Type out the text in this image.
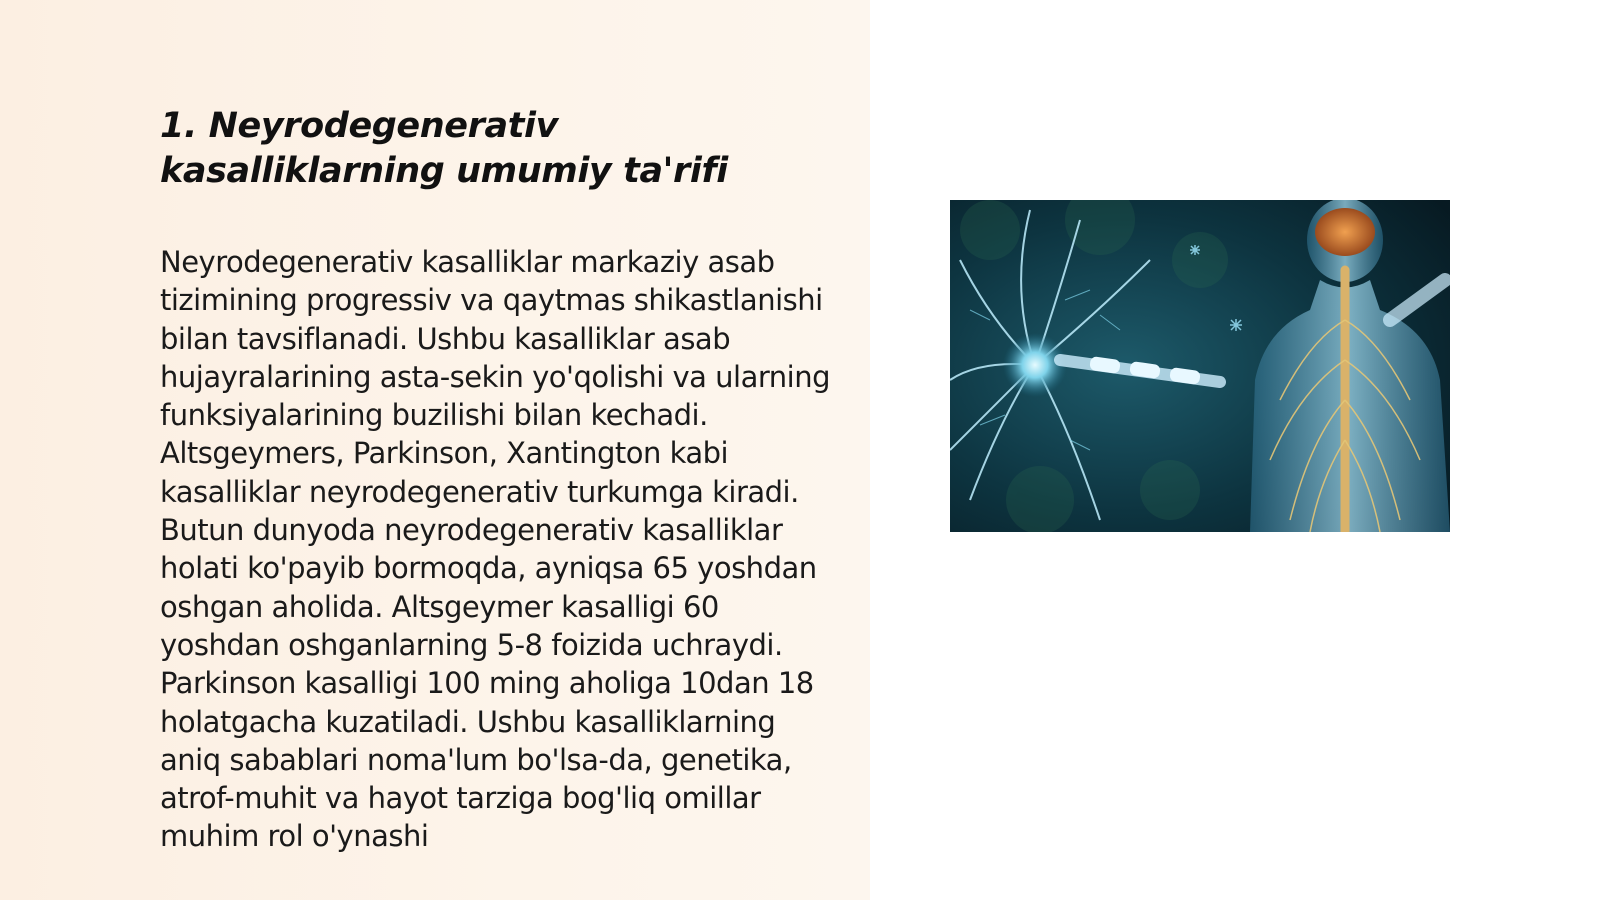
1. Neyrodegenerativ kasalliklarning umumiy ta'rifi

Neyrodegenerativ kasalliklar markaziy asab tizimining progressiv va qaytmas shikastlanishi bilan tavsiflanadi. Ushbu kasalliklar asab hujayralarining asta-sekin yo'qolishi va ularning funksiyalarining buzilishi bilan kechadi. Altsgeymers, Parkinson, Xantington kabi kasalliklar neyrodegenerativ turkumga kiradi. Butun dunyoda neyrodegenerativ kasalliklar holati ko'payib bormoqda, ayniqsa 65 yoshdan oshgan aholida. Altsgeymer kasalligi 60 yoshdan oshganlarning 5-8 foizida uchraydi. Parkinson kasalligi 100 ming aholiga 10dan 18 holatgacha kuzatiladi. Ushbu kasalliklarning aniq sabablari noma'lum bo'lsa-da, genetika, atrof-muhit va hayot tarziga bog'liq omillar muhim rol o'ynashi
